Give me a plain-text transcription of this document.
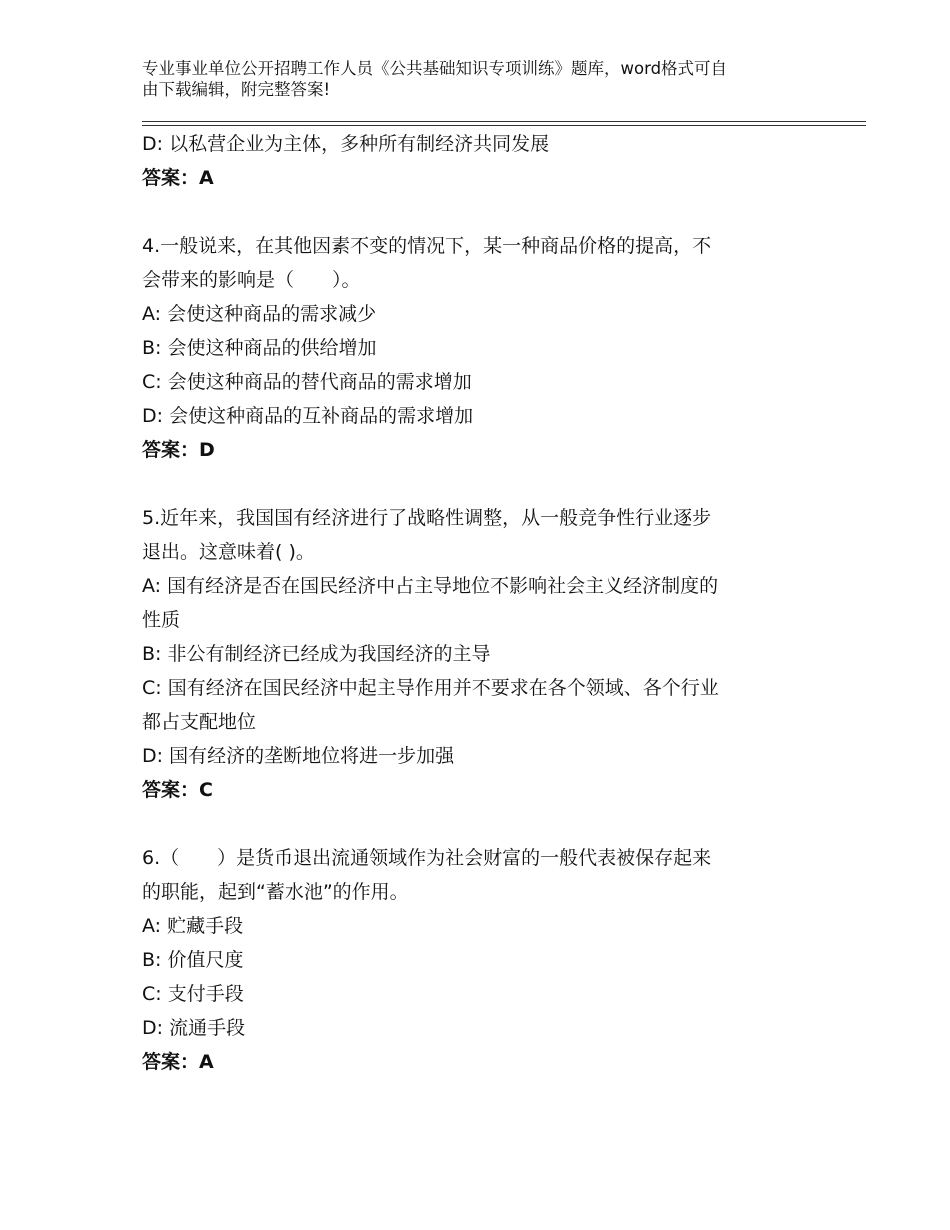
专业事业单位公开招聘工作人员《公共基础知识专项训练》题库，word格式可自
由下载编辑，附完整答案!
D: 以私营企业为主体，多种所有制经济共同发展
答案：A
4.一般说来，在其他因素不变的情况下，某一种商品价格的提高，不
会带来的影响是（　　）。
A: 会使这种商品的需求减少
B: 会使这种商品的供给增加
C: 会使这种商品的替代商品的需求增加
D: 会使这种商品的互补商品的需求增加
答案：D
5.近年来，我国国有经济进行了战略性调整，从一般竞争性行业逐步
退出。这意味着( )。
A: 国有经济是否在国民经济中占主导地位不影响社会主义经济制度的
性质
B: 非公有制经济已经成为我国经济的主导
C: 国有经济在国民经济中起主导作用并不要求在各个领域、各个行业
都占支配地位
D: 国有经济的垄断地位将进一步加强
答案：C
6.（　　）是货币退出流通领域作为社会财富的一般代表被保存起来
的职能，起到“蓄水池”的作用。
A: 贮藏手段
B: 价值尺度
C: 支付手段
D: 流通手段
答案：A
